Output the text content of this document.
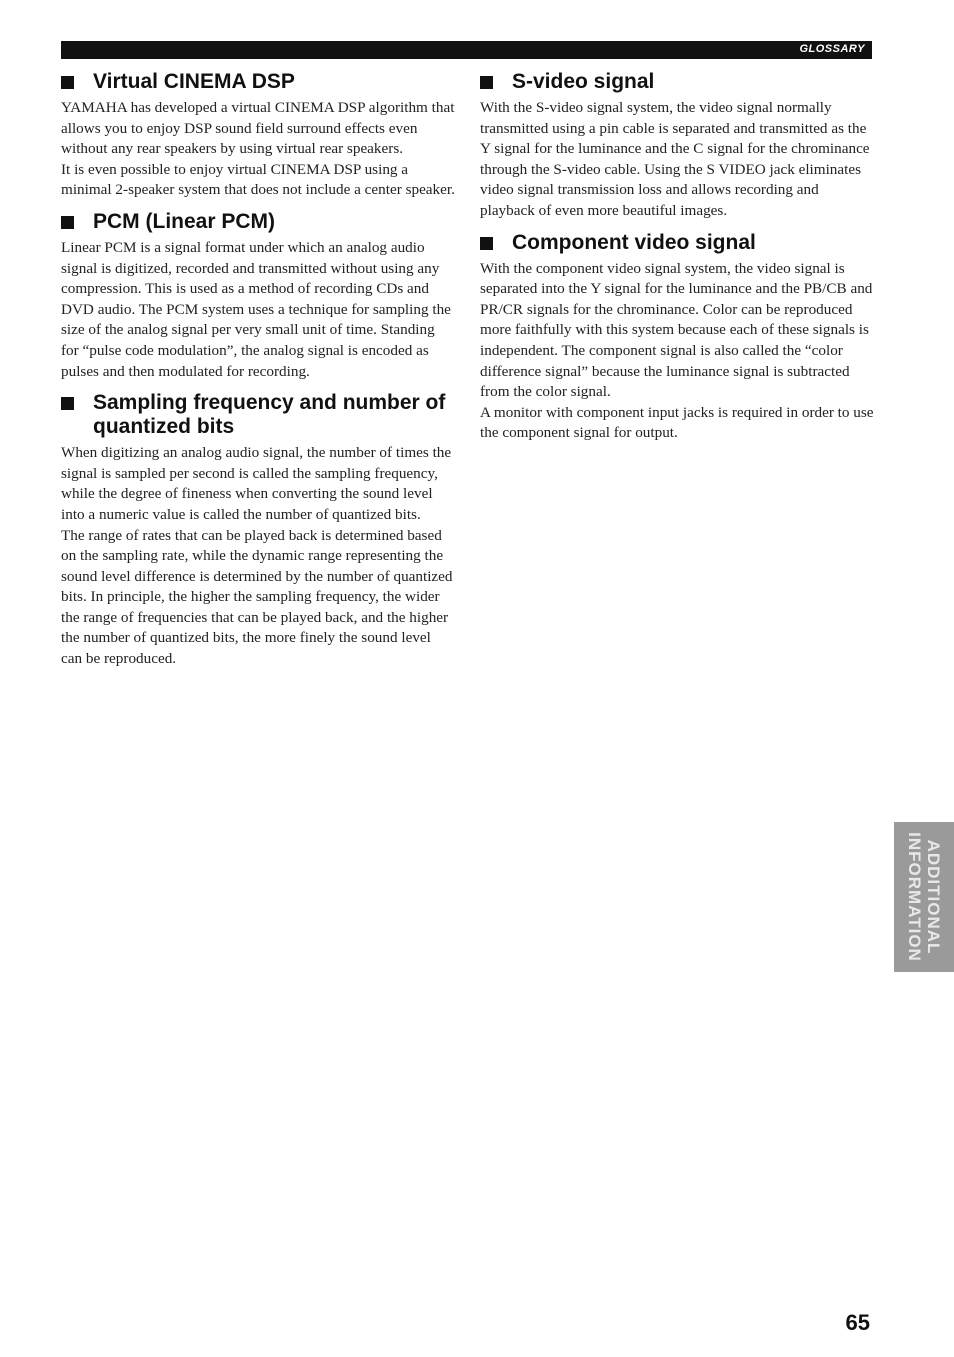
GLOSSARY
Virtual CINEMA DSP

YAMAHA has developed a virtual CINEMA DSP algorithm that allows you to enjoy DSP sound field surround effects even without any rear speakers by using virtual rear speakers.

It is even possible to enjoy virtual CINEMA DSP using a minimal 2-speaker system that does not include a center speaker.

PCM (Linear PCM)

Linear PCM is a signal format under which an analog audio signal is digitized, recorded and transmitted without using any compression. This is used as a method of recording CDs and DVD audio. The PCM system uses a technique for sampling the size of the analog signal per very small unit of time. Standing for “pulse code modulation”, the analog signal is encoded as pulses and then modulated for recording.

Sampling frequency and number of quantized bits

When digitizing an analog audio signal, the number of times the signal is sampled per second is called the sampling frequency, while the degree of fineness when converting the sound level into a numeric value is called the number of quantized bits.

The range of rates that can be played back is determined based on the sampling rate, while the dynamic range representing the sound level difference is determined by the number of quantized bits. In principle, the higher the sampling frequency, the wider the range of frequencies that can be played back, and the higher the number of quantized bits, the more finely the sound level can be reproduced.

S-video signal

With the S-video signal system, the video signal normally transmitted using a pin cable is separated and transmitted as the Y signal for the luminance and the C signal for the chrominance through the S-video cable. Using the S VIDEO jack eliminates video signal transmission loss and allows recording and playback of even more beautiful images.

Component video signal

With the component video signal system, the video signal is separated into the Y signal for the luminance and the PB/CB and PR/CR signals for the chrominance. Color can be reproduced more faithfully with this system because each of these signals is independent. The component signal is also called the “color difference signal” because the luminance signal is subtracted from the color signal.

A monitor with component input jacks is required in order to use the component signal for output.

ADDITIONAL
INFORMATION
65
